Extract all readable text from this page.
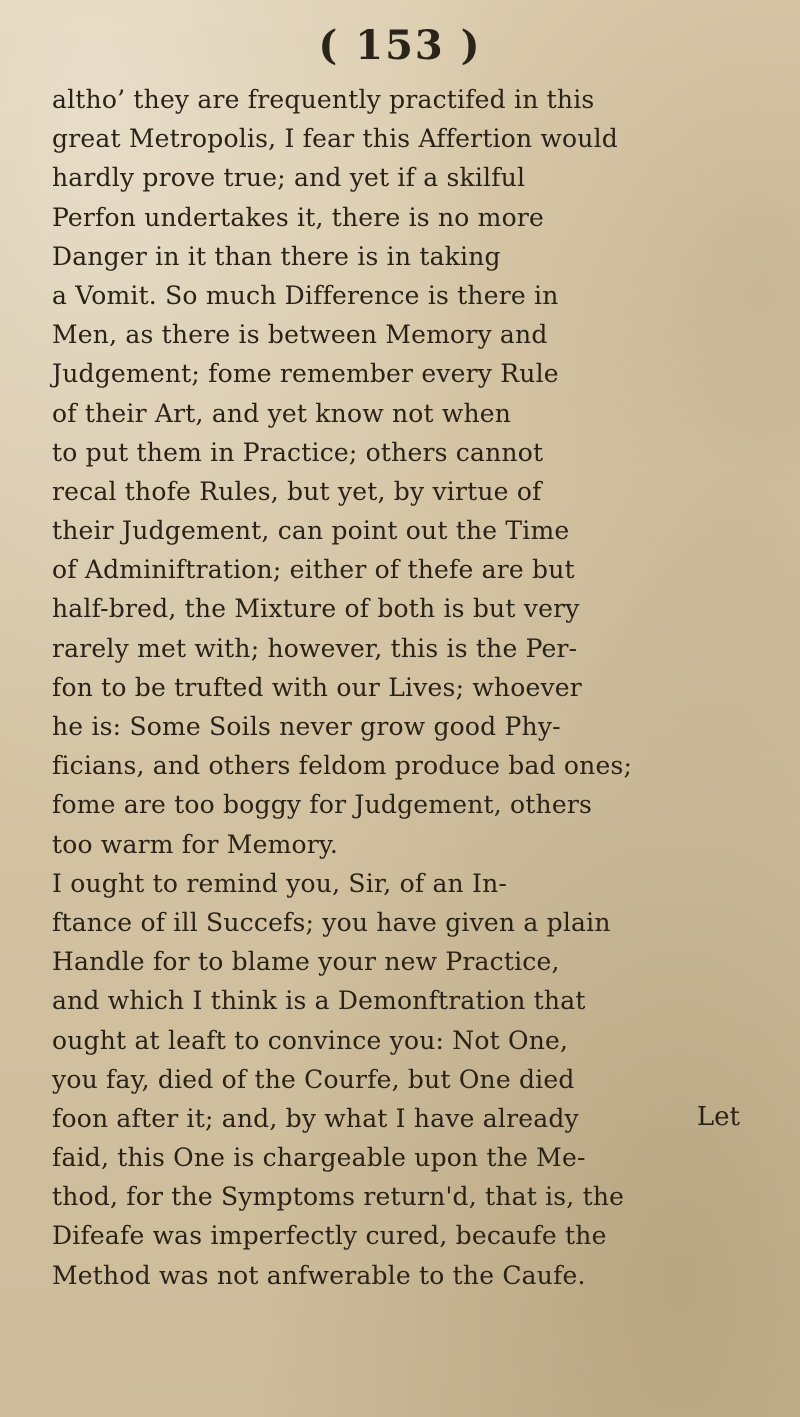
( 153 )
altho’ they are frequently practifed in this
great Metropolis, I fear this Affertion would
hardly prove true; and yet if a skilful
Perfon undertakes it, there is no more
Danger in it than there is in taking
a Vomit. So much Difference is there in
Men, as there is between Memory and
Judgement; fome remember every Rule
of their Art, and yet know not when
to put them in Practice; others cannot
recal thofe Rules, but yet, by virtue of
their Judgement, can point out the Time
of Adminiftration; either of thefe are but
half-bred, the Mixture of both is but very
rarely met with; however, this is the Per-
fon to be trufted with our Lives; whoever
he is: Some Soils never grow good Phy-
ficians, and others feldom produce bad ones;
fome are too boggy for Judgement, others
too warm for Memory.
I ought to remind you, Sir, of an In-
ftance of ill Succefs; you have given a plain
Handle for to blame your new Practice,
and which I think is a Demonftration that
ought at leaft to convince you: Not One,
you fay, died of the Courfe, but One died
foon after it; and, by what I have already
faid, this One is chargeable upon the Me-
thod, for the Symptoms return'd, that is, the
Difeafe was imperfectly cured, becaufe the
Method was not anfwerable to the Caufe.

Let
